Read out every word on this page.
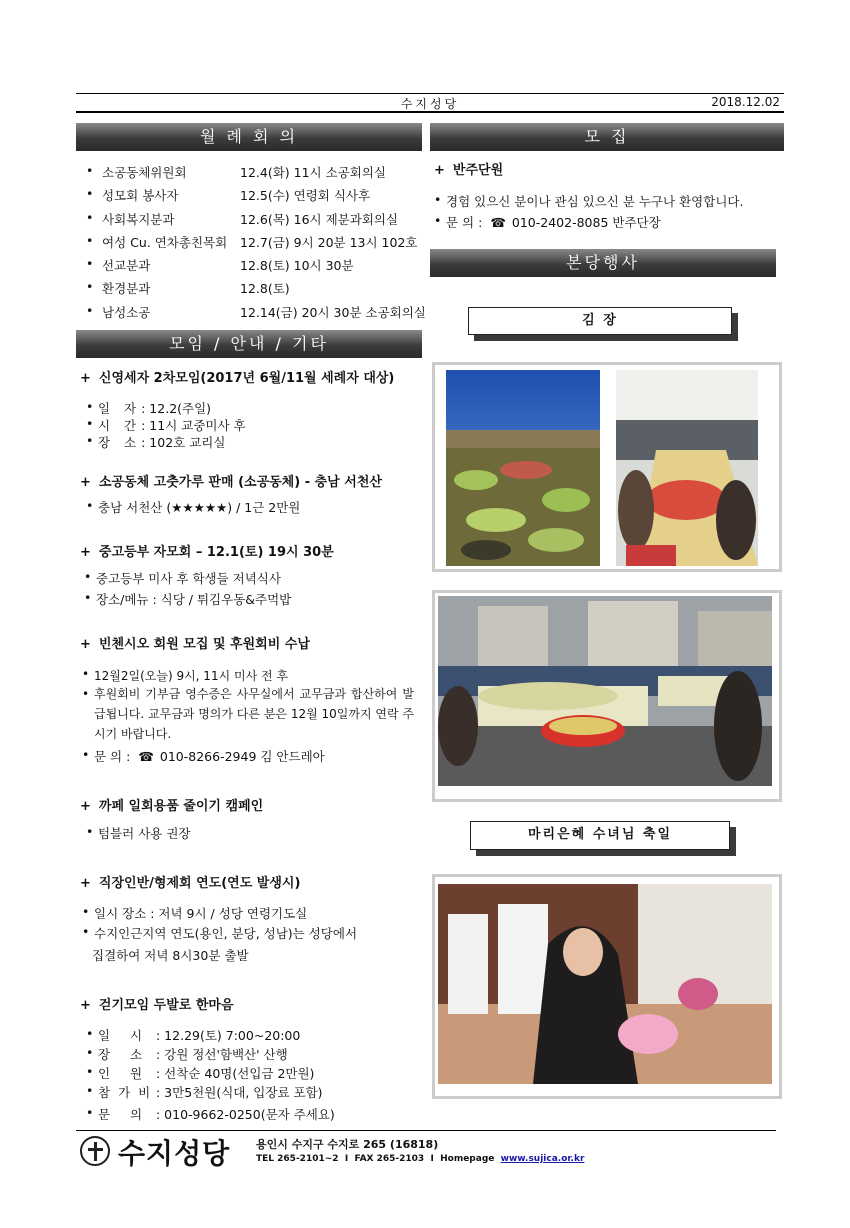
수지성당	2018.12.02
월 례 회 의
• 소공동체위원회	12.4(화) 11시 소공회의실
• 성모회 봉사자	12.5(수) 연령회 식사후
• 사회복지분과	12.6(목) 16시 제분과회의실
• 여성 Cu. 연차총친목회 12.7(금) 9시 20분 13시 102호
• 선교분과	12.8(토) 10시 30분
• 환경분과	12.8(토)
• 남성소공	12.14(금) 20시 30분 소공회의실
모임 / 안내 / 기타
+ 신영세자 2차모임(2017년 6월/11월 세례자 대상)
• 일 자: 12.2(주일)
• 시 간: 11시 교중미사 후
• 장 소: 102호 교리실
+ 소공동체 고춧가루 판매 (소공동체) - 충남 서천산
• 충남 서천산 (★★★★★) / 1근 2만원
+ 중고등부 자모회 – 12.1(토) 19시 30분
• 중고등부 미사 후 학생들 저녁식사
• 장소/메뉴 : 식당 / 튀김우동&주먹밥
+ 빈첸시오 회원 모집 및 후원회비 수납
• 12월2일(오늘) 9시, 11시 미사 전 후
• 후원회비 기부금 영수증은 사무실에서 교무금과 합산하여 발급됩니다. 교무금과 명의가 다른 분은 12월 10일까지 연락 주시기 바랍니다.
• 문 의 : ☎ 010-8266-2949 김 안드레아
+ 까페 일회용품 줄이기 캠페인
• 텀블러 사용 권장
+ 직장인반/형제회 연도(연도 발생시)
• 일시 장소 : 저녁 9시 / 성당 연령기도실
• 수지인근지역 연도(용인, 분당, 성남)는 성당에서
집결하여 저녁 8시30분 출발
+ 걷기모임 두발로 한마음
• 일 시 : 12.29(토) 7:00~20:00
• 장 소 : 강원 정선'함백산' 산행
• 인 원 : 선착순 40명(선입금 2만원)
• 참가비: 3만5천원(식대, 입장료 포함)
• 문 의 : 010-9662-0250(문자 주세요)
모 집
+ 반주단원
• 경험 있으신 분이나 관심 있으신 분 누구나 환영합니다.
• 문 의 : ☎ 010-2402-8085 반주단장
본당행사
김 장
마리은혜 수녀님 축일
수지성당 용인시 수지구 수지로 265 (16818)
TEL 265-2101~2 I FAX 265-2103 I Homepage www.sujica.or.kr
